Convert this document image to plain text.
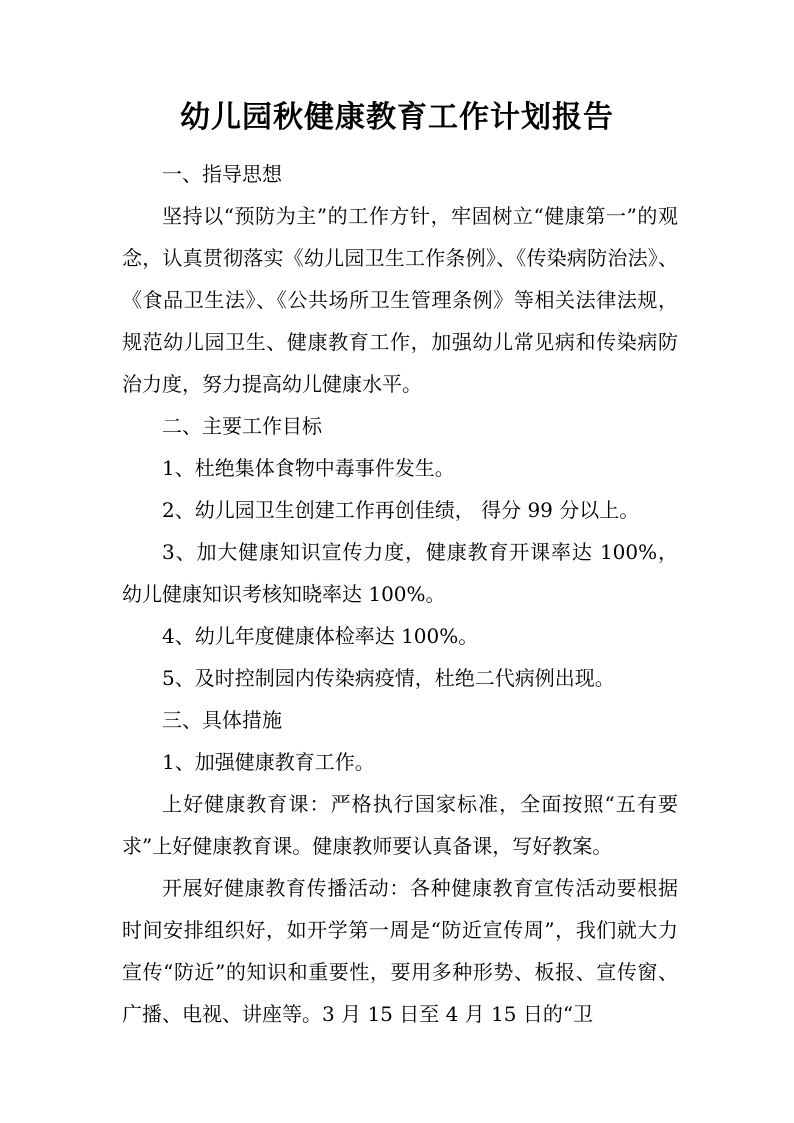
幼儿园秋健康教育工作计划报告

一、指导思想

坚持以“预防为主”的工作方针，牢固树立“健康第一”的观念，认真贯彻落实《幼儿园卫生工作条例》、《传染病防治法》、《食品卫生法》、《公共场所卫生管理条例》等相关法律法规，规范幼儿园卫生、健康教育工作，加强幼儿常见病和传染病防治力度，努力提高幼儿健康水平。

二、主要工作目标

1、杜绝集体食物中毒事件发生。

2、幼儿园卫生创建工作再创佳绩， 得分 99 分以上。

3、加大健康知识宣传力度，健康教育开课率达 100%，幼儿健康知识考核知晓率达 100%。

4、幼儿年度健康体检率达 100%。

5、及时控制园内传染病疫情，杜绝二代病例出现。

三、具体措施

1、加强健康教育工作。

上好健康教育课：严格执行国家标准，全面按照“五有要求”上好健康教育课。健康教师要认真备课，写好教案。

开展好健康教育传播活动：各种健康教育宣传活动要根据时间安排组织好，如开学第一周是“防近宣传周”，我们就大力宣传“防近”的知识和重要性，要用多种形势、板报、宣传窗、广播、电视、讲座等。3 月 15 日至 4 月 15 日的“卫
